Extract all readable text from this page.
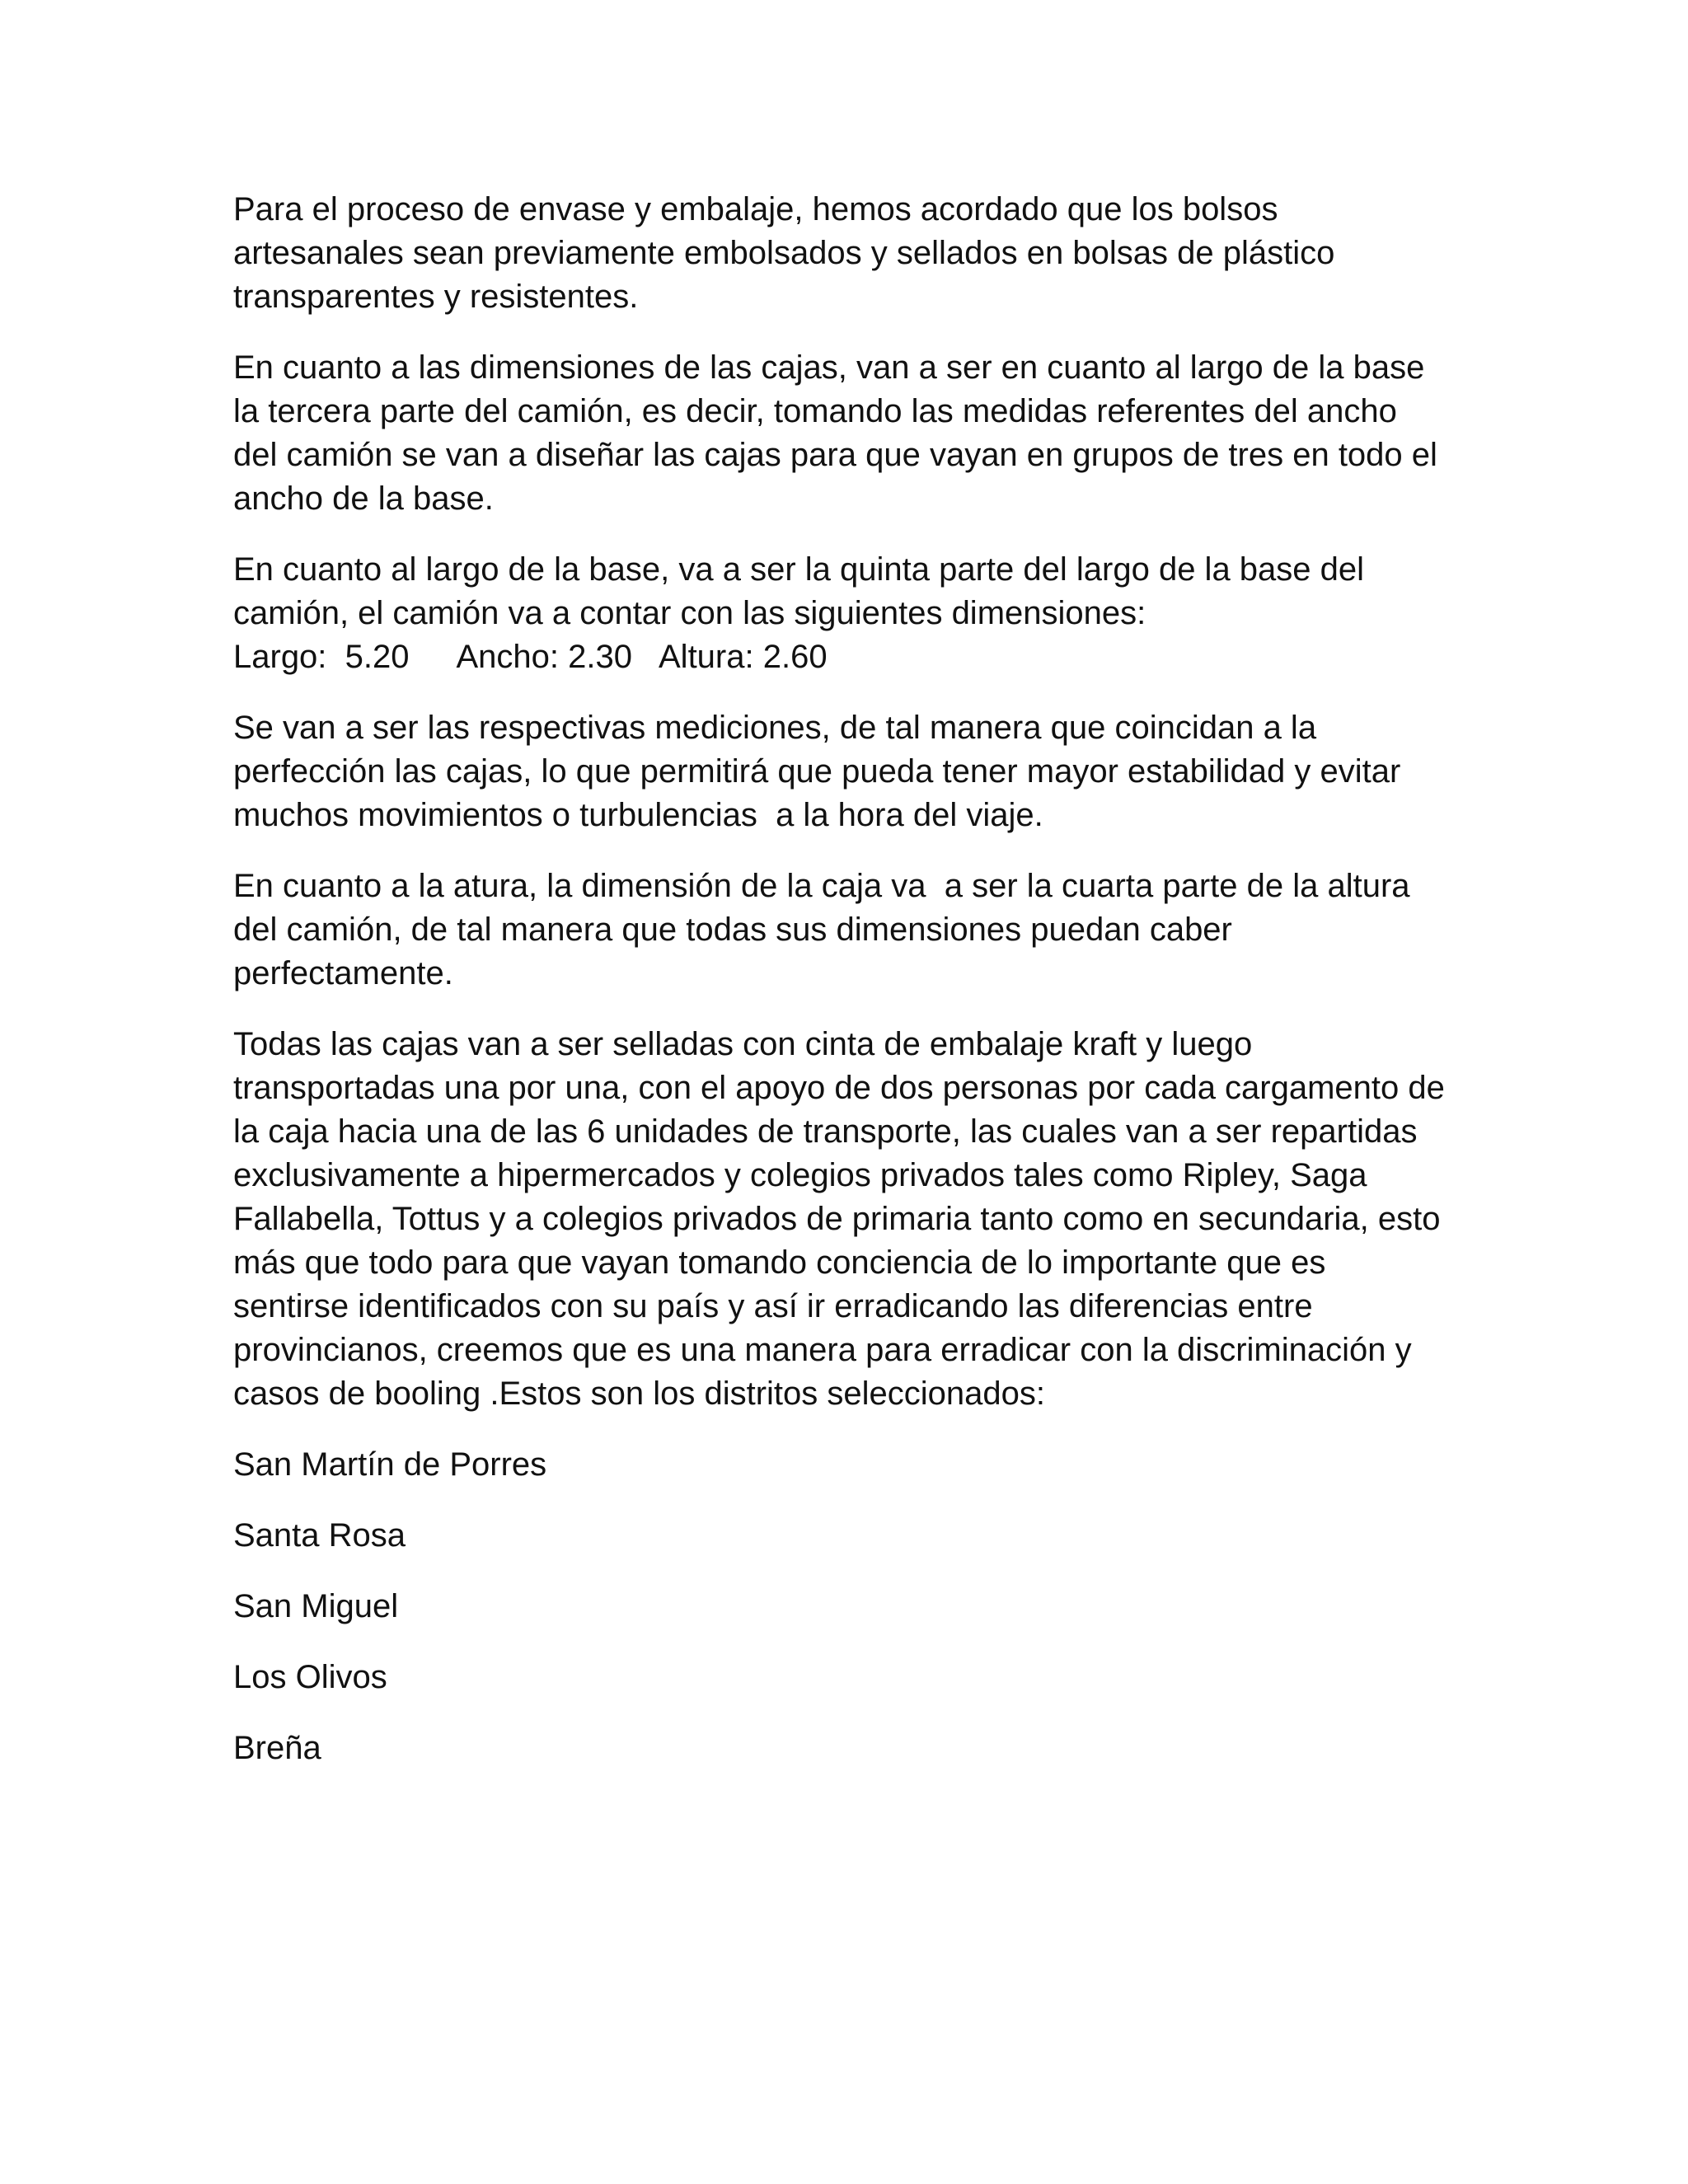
Para el proceso de envase y embalaje, hemos acordado que los bolsos
artesanales sean previamente embolsados y sellados en bolsas de plástico
transparentes y resistentes.

En cuanto a las dimensiones de las cajas, van a ser en cuanto al largo de la base
la tercera parte del camión, es decir, tomando las medidas referentes del ancho
del camión se van a diseñar las cajas para que vayan en grupos de tres en todo el
ancho de la base.

En cuanto al largo de la base, va a ser la quinta parte del largo de la base del
camión, el camión va a contar con las siguientes dimensiones:
Largo:  5.20 Ancho: 2.30 Altura: 2.60

Se van a ser las respectivas mediciones, de tal manera que coincidan a la
perfección las cajas, lo que permitirá que pueda tener mayor estabilidad y evitar
muchos movimientos o turbulencias  a la hora del viaje.

En cuanto a la atura, la dimensión de la caja va  a ser la cuarta parte de la altura
del camión, de tal manera que todas sus dimensiones puedan caber
perfectamente.

Todas las cajas van a ser selladas con cinta de embalaje kraft y luego
transportadas una por una, con el apoyo de dos personas por cada cargamento de
la caja hacia una de las 6 unidades de transporte, las cuales van a ser repartidas
exclusivamente a hipermercados y colegios privados tales como Ripley, Saga
Fallabella, Tottus y a colegios privados de primaria tanto como en secundaria, esto
más que todo para que vayan tomando conciencia de lo importante que es
sentirse identificados con su país y así ir erradicando las diferencias entre
provincianos, creemos que es una manera para erradicar con la discriminación y
casos de booling .Estos son los distritos seleccionados:

San Martín de Porres

Santa Rosa

San Miguel

Los Olivos

Breña
